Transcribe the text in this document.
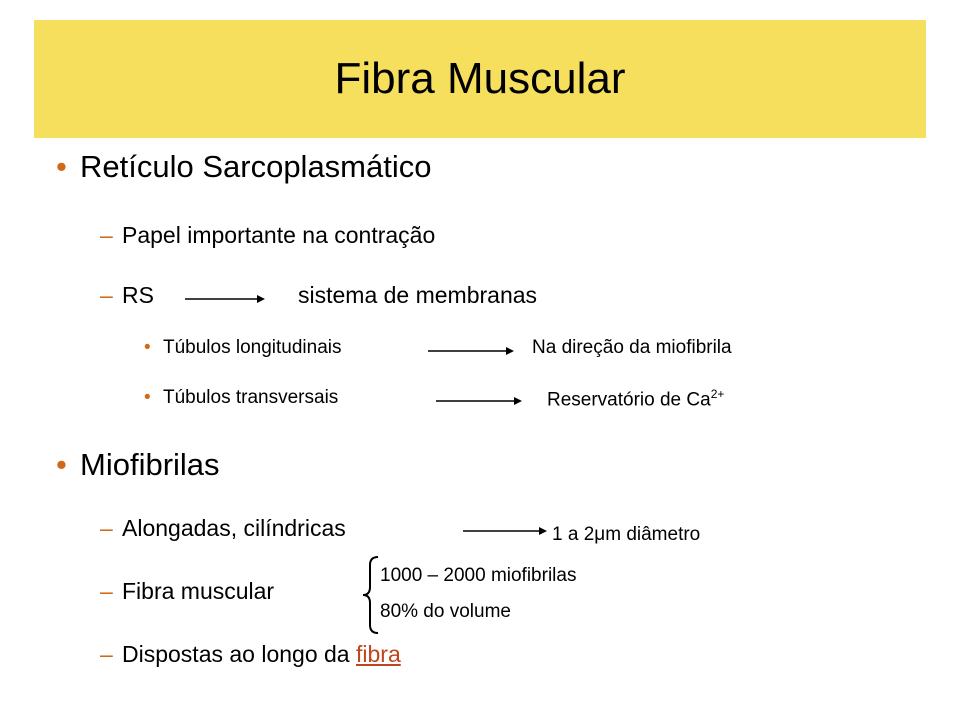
Fibra Muscular
• Retículo Sarcoplasmático
– Papel importante na contração
– RS	sistema de membranas
• Túbulos longitudinais	Na direção da miofibrila
• Túbulos transversais	Reservatório de $Ca^{2+}$
• Miofibrilas
– Alongadas, cilíndricas	1 a 2μm diâmetro
– Fibra muscular
1000 – 2000 miofibrilas
80% do volume
– Dispostas ao longo da fibra
